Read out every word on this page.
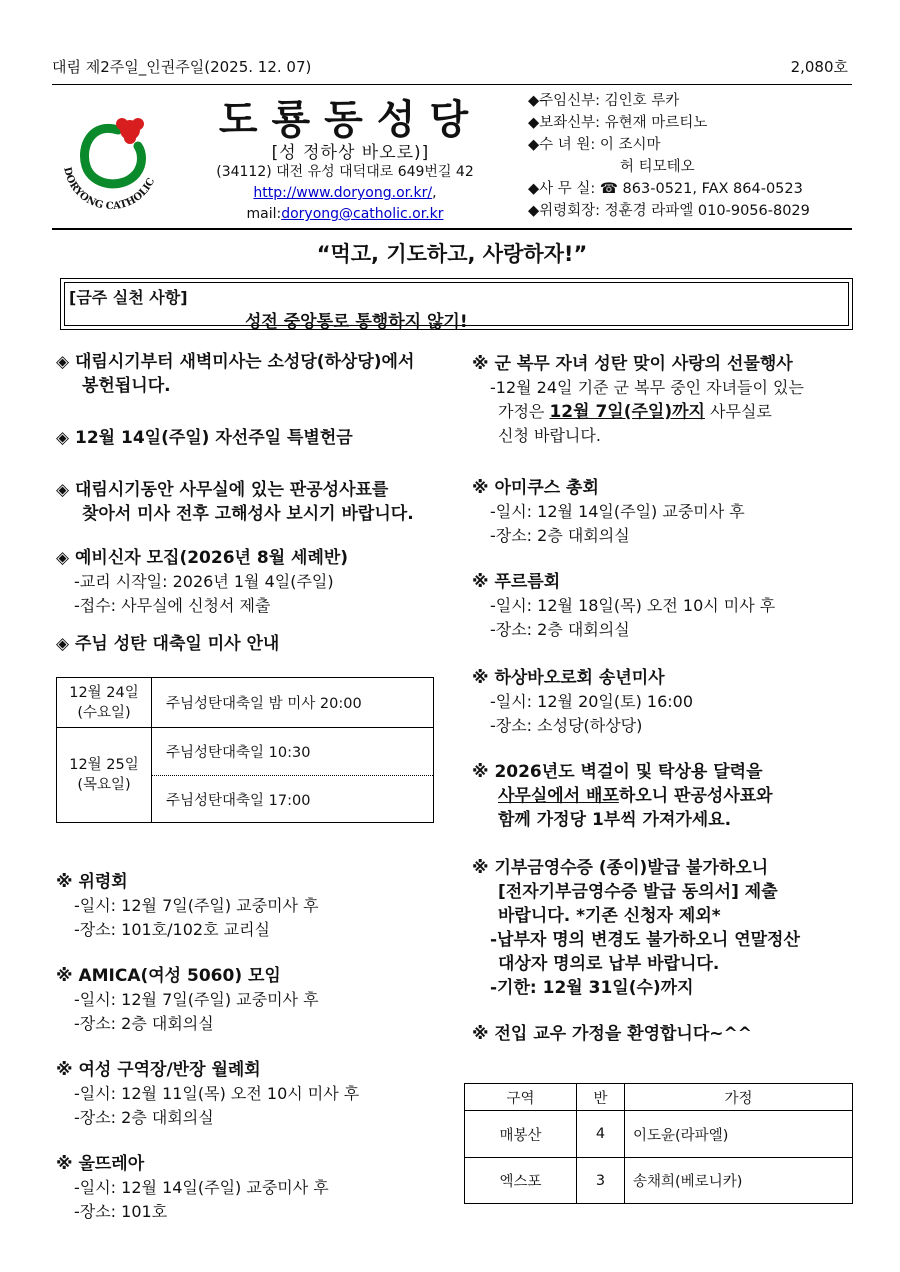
대림 제2주일_인권주일(2025. 12. 07)	2,080호
DORYONG CATHOLIC
도룡동성당
[성 정하상 바오로)]
(34112) 대전 유성 대덕대로 649번길 42
http://www.doryong.or.kr/,
mail:doryong@catholic.or.kr
◆주임신부: 김인호 루카
◆보좌신부: 유현재 마르티노
◆수 녀 원: 이 조시마
허 티모테오
◆사 무 실: ☎ 863-0521, FAX 864-0523
◆위령회장: 정훈경 라파엘 010-9056-8029
“먹고, 기도하고, 사랑하자!”
[금주 실천 사항]
성전 중앙통로 통행하지 않기!
◈ 대림시기부터 새벽미사는 소성당(하상당)에서
봉헌됩니다.
◈ 12월 14일(주일) 자선주일 특별헌금
◈ 대림시기동안 사무실에 있는 판공성사표를
찾아서 미사 전후 고해성사 보시기 바랍니다.
◈ 예비신자 모집(2026년 8월 세례반)
-교리 시작일: 2026년 1월 4일(주일)
-접수: 사무실에 신청서 제출
◈ 주님 성탄 대축일 미사 안내
12월 24일
(수요일)	주님성탄대축일 밤 미사 20:00

12월 25일
(목요일)	주님성탄대축일 10:30
	주님성탄대축일 17:00
※ 위령회
-일시: 12월 7일(주일) 교중미사 후
-장소: 101호/102호 교리실
※ AMICA(여성 5060) 모임
-일시: 12월 7일(주일) 교중미사 후
-장소: 2층 대회의실
※ 여성 구역장/반장 월례회
-일시: 12월 11일(목) 오전 10시 미사 후
-장소: 2층 대회의실
※ 울뜨레아
-일시: 12월 14일(주일) 교중미사 후
-장소: 101호
※ 군 복무 자녀 성탄 맞이 사랑의 선물행사
-12월 24일 기준 군 복무 중인 자녀들이 있는
가정은 12월 7일(주일)까지 사무실로
신청 바랍니다.
※ 아미쿠스 총회
-일시: 12월 14일(주일) 교중미사 후
-장소: 2층 대회의실
※ 푸르름회
-일시: 12월 18일(목) 오전 10시 미사 후
-장소: 2층 대회의실
※ 하상바오로회 송년미사
-일시: 12월 20일(토) 16:00
-장소: 소성당(하상당)
※ 2026년도 벽걸이 및 탁상용 달력을
사무실에서 배포하오니 판공성사표와
함께 가정당 1부씩 가져가세요.
※ 기부금영수증 (종이)발급 불가하오니
[전자기부금영수증 발급 동의서] 제출
바랍니다. *기존 신청자 제외*
-납부자 명의 변경도 불가하오니 연말정산
대상자 명의로 납부 바랍니다.
-기한: 12월 31일(수)까지
※ 전입 교우 가정을 환영합니다~^^
구역	반	가정
매봉산	4	이도윤(라파엘)
엑스포	3	송채희(베로니카)
